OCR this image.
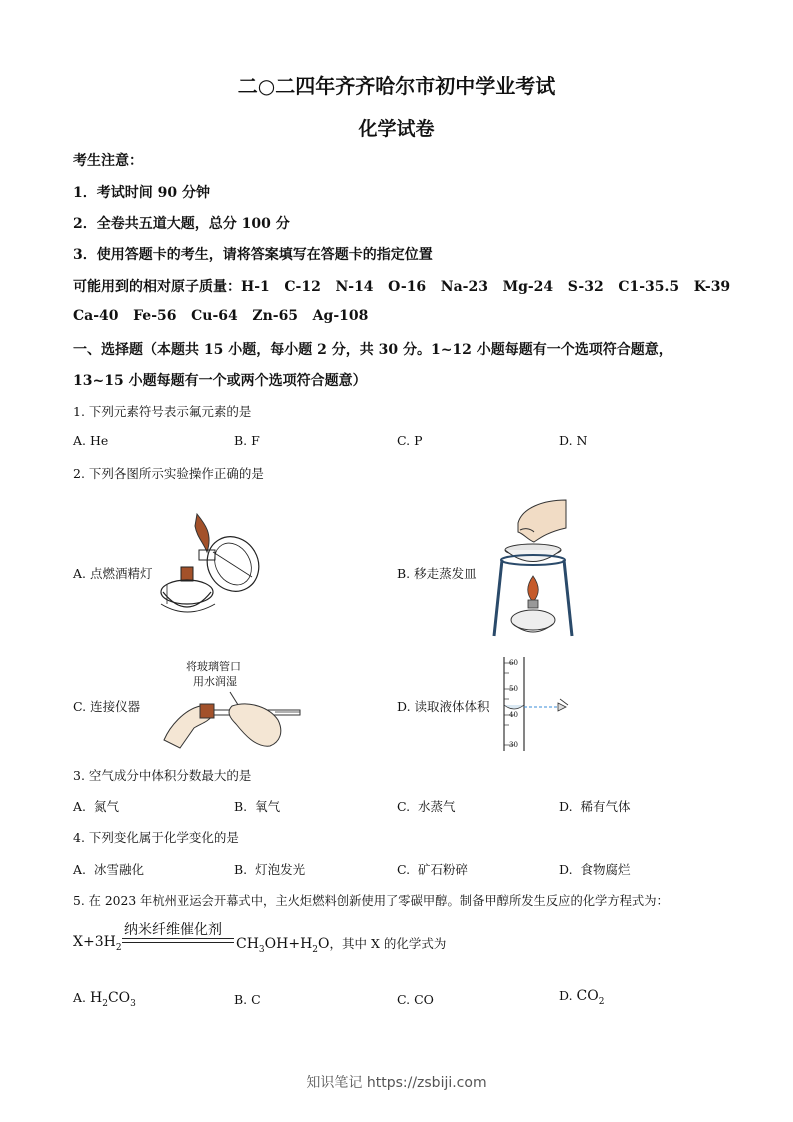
二○二四年齐齐哈尔市初中学业考试
化学试卷
考生注意：
1．考试时间 90 分钟
2．全卷共五道大题，总分 100 分
3．使用答题卡的考生，请将答案填写在答题卡的指定位置
可能用到的相对原子质量：H-1   C-12   N-14   O-16   Na-23   Mg-24   S-32   C1-35.5   K-39
Ca-40   Fe-56   Cu-64   Zn-65   Ag-108
一、选择题（本题共 15 小题，每小题 2 分，共 30 分。1~12 小题每题有一个选项符合题意，
13~15 小题每题有一个或两个选项符合题意）
1. 下列元素符号表示氟元素的是
A. He	B. F	C. P	D. N
2. 下列各图所示实验操作正确的是
A. 点燃酒精灯	B. 移走蒸发皿
C. 连接仪器
将玻璃管口
用水润湿
D. 读取液体体积
60
50
40
30
3. 空气成分中体积分数最大的是
A.  氮气	B.  氧气	C.  水蒸气	D.  稀有气体
4. 下列变化属于化学变化的是
A.  冰雪融化	B.  灯泡发光	C.  矿石粉碎	D.  食物腐烂
5. 在 2023 年杭州亚运会开幕式中，主火炬燃料创新使用了零碳甲醇。制备甲醇所发生反应的化学方程式为：
纳米纤维催化剂
$X+3H_2$	$CH_3OH+H_2O$，其中 X 的化学式为
A. $H_2CO_3$	B. C	C. CO	D. $CO_2$
知识笔记 https://zsbiji.com
